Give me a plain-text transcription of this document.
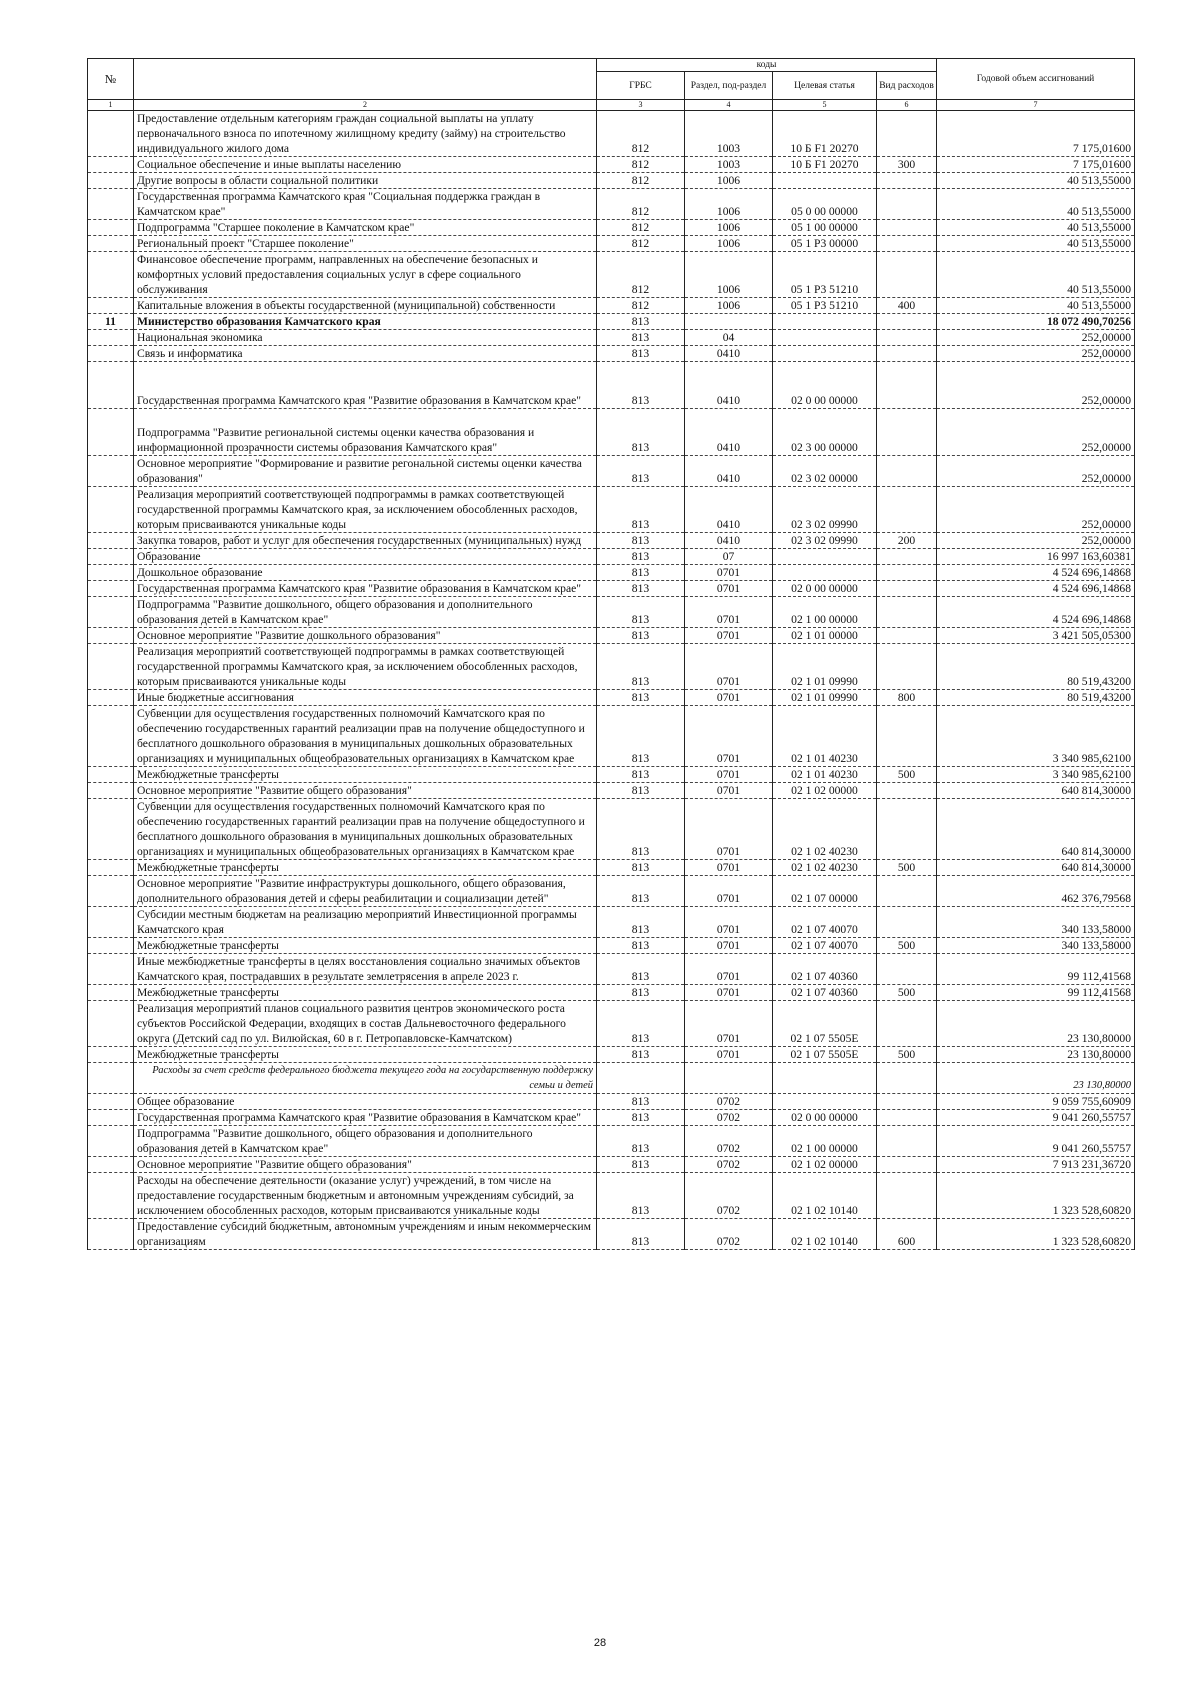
№		коды				Годовой объем ассигнований
		ГРБС	Раздел, под-раздел	Целевая статья	Вид расходов	
1	2	3	4	5	6	7
	Предоставление отдельным категориям граждан социальной выплаты на уплату первоначального взноса по ипотечному жилищному кредиту (займу) на строительство индивидуального жилого дома	812	1003	10 Б F1 20270		7 175,01600
	Социальное обеспечение и иные выплаты населению	812	1003	10 Б F1 20270	300	7 175,01600
	Другие вопросы в области социальной политики	812	1006			40 513,55000
	Государственная программа Камчатского края "Социальная поддержка граждан в Камчатском крае"	812	1006	05 0 00 00000		40 513,55000
	Подпрограмма "Старшее поколение в Камчатском крае"	812	1006	05 1 00 00000		40 513,55000
	Региональный проект "Старшее поколение"	812	1006	05 1 P3 00000		40 513,55000
	Финансовое обеспечение программ, направленных на обеспечение безопасных и комфортных условий предоставления социальных услуг в сфере социального обслуживания	812	1006	05 1 P3 51210		40 513,55000
	Капитальные вложения в объекты государственной (муниципальной) собственности	812	1006	05 1 P3 51210	400	40 513,55000
11	Министерство образования Камчатского края	813				18 072 490,70256
	Национальная экономика	813	04			252,00000
	Связь и информатика	813	0410			252,00000
	Государственная программа Камчатского края "Развитие образования в Камчатском крае"	813	0410	02 0 00 00000		252,00000
	Подпрограмма "Развитие региональной системы оценки качества образования и информационной прозрачности системы образования Камчатского края"	813	0410	02 3 00 00000		252,00000
	Основное мероприятие "Формирование и развитие регональной системы оценки качества образования"	813	0410	02 3 02 00000		252,00000
	Реализация мероприятий соответствующей подпрограммы в рамках соответствующей государственной программы Камчатского края, за исключением обособленных расходов, которым присваиваются уникальные коды	813	0410	02 3 02 09990		252,00000
	Закупка товаров, работ и услуг для обеспечения государственных (муниципальных) нужд	813	0410	02 3 02 09990	200	252,00000
	Образование	813	07			16 997 163,60381
	Дошкольное образование	813	0701			4 524 696,14868
	Государственная программа Камчатского края "Развитие образования в Камчатском крае"	813	0701	02 0 00 00000		4 524 696,14868
	Подпрограмма "Развитие дошкольного, общего образования и дополнительного образования детей в Камчатском крае"	813	0701	02 1 00 00000		4 524 696,14868
	Основное мероприятие "Развитие дошкольного образования"	813	0701	02 1 01 00000		3 421 505,05300
	Реализация мероприятий соответствующей подпрограммы в рамках соответствующей государственной программы Камчатского края, за исключением обособленных расходов, которым присваиваются уникальные коды	813	0701	02 1 01 09990		80 519,43200
	Иные бюджетные ассигнования	813	0701	02 1 01 09990	800	80 519,43200
	Субвенции для осуществления государственных полномочий Камчатского края по обеспечению государственных гарантий реализации прав на получение общедоступного и бесплатного дошкольного образования в муниципальных дошкольных образовательных организациях и муниципальных общеобразовательных организациях в Камчатском крае	813	0701	02 1 01 40230		3 340 985,62100
	Межбюджетные трансферты	813	0701	02 1 01 40230	500	3 340 985,62100
	Основное мероприятие "Развитие общего образования"	813	0701	02 1 02 00000		640 814,30000
	Субвенции для осуществления государственных полномочий Камчатского края по обеспечению государственных гарантий реализации прав на получение общедоступного и бесплатного дошкольного образования в муниципальных дошкольных образовательных организациях и муниципальных общеобразовательных организациях в Камчатском крае	813	0701	02 1 02 40230		640 814,30000
	Межбюджетные трансферты	813	0701	02 1 02 40230	500	640 814,30000
	Основное мероприятие "Развитие инфраструктуры дошкольного, общего образования, дополнительного образования детей и сферы реабилитации и социализации детей"	813	0701	02 1 07 00000		462 376,79568
	Субсидии местным бюджетам на реализацию мероприятий Инвестиционной программы Камчатского края	813	0701	02 1 07 40070		340 133,58000
	Межбюджетные трансферты	813	0701	02 1 07 40070	500	340 133,58000
	Иные межбюджетные трансферты в целях восстановления социально значимых объектов Камчатского края, пострадавших в результате землетрясения в апреле 2023 г.	813	0701	02 1 07 40360		99 112,41568
	Межбюджетные трансферты	813	0701	02 1 07 40360	500	99 112,41568
	Реализация мероприятий планов социального развития центров экономического роста субъектов Российской Федерации, входящих в состав Дальневосточного федерального округа (Детский сад по ул. Вилюйская, 60 в г. Петропавловске-Камчатском)	813	0701	02 1 07 5505E		23 130,80000
	Межбюджетные трансферты	813	0701	02 1 07 5505E	500	23 130,80000
	Расходы за счет средств федерального бюджета текущего года на государственную поддержку семьи и детей					23 130,80000
	Общее образование	813	0702			9 059 755,60909
	Государственная программа Камчатского края "Развитие образования в Камчатском крае"	813	0702	02 0 00 00000		9 041 260,55757
	Подпрограмма "Развитие дошкольного, общего образования и дополнительного образования детей в Камчатском крае"	813	0702	02 1 00 00000		9 041 260,55757
	Основное мероприятие "Развитие общего образования"	813	0702	02 1 02 00000		7 913 231,36720
	Расходы на обеспечение деятельности (оказание услуг) учреждений, в том числе на предоставление государственным бюджетным и автономным учреждениям субсидий, за исключением обособленных расходов, которым присваиваются уникальные коды	813	0702	02 1 02 10140		1 323 528,60820
	Предоставление субсидий бюджетным, автономным учреждениям и иным некоммерческим организациям	813	0702	02 1 02 10140	600	1 323 528,60820
28
